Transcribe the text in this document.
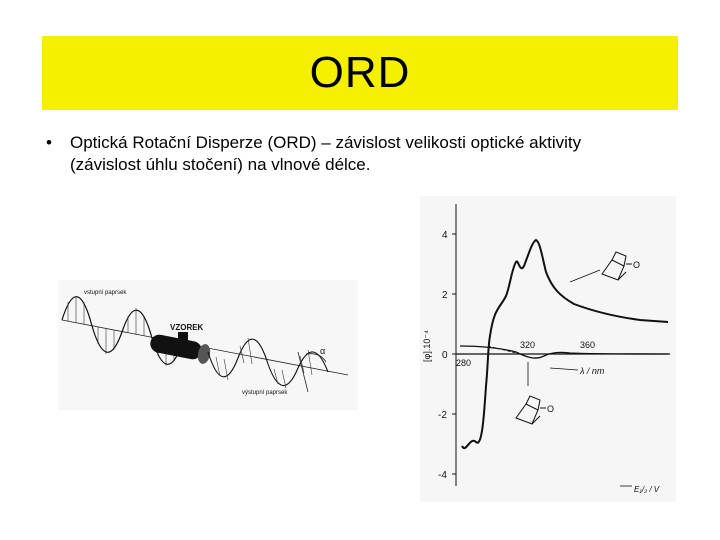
ORD
• Optická Rotační Disperze (ORD) – závislost velikosti optické aktivity
(závislost úhlu stočení) na vlnové délce.
α
vstupní paprsek
VZOREK
výstupní paprsek
4
2
0
-2
-4
280
320	360
[φ].10⁻⁴
λ / nm
E₁/₂ / V
O
O
